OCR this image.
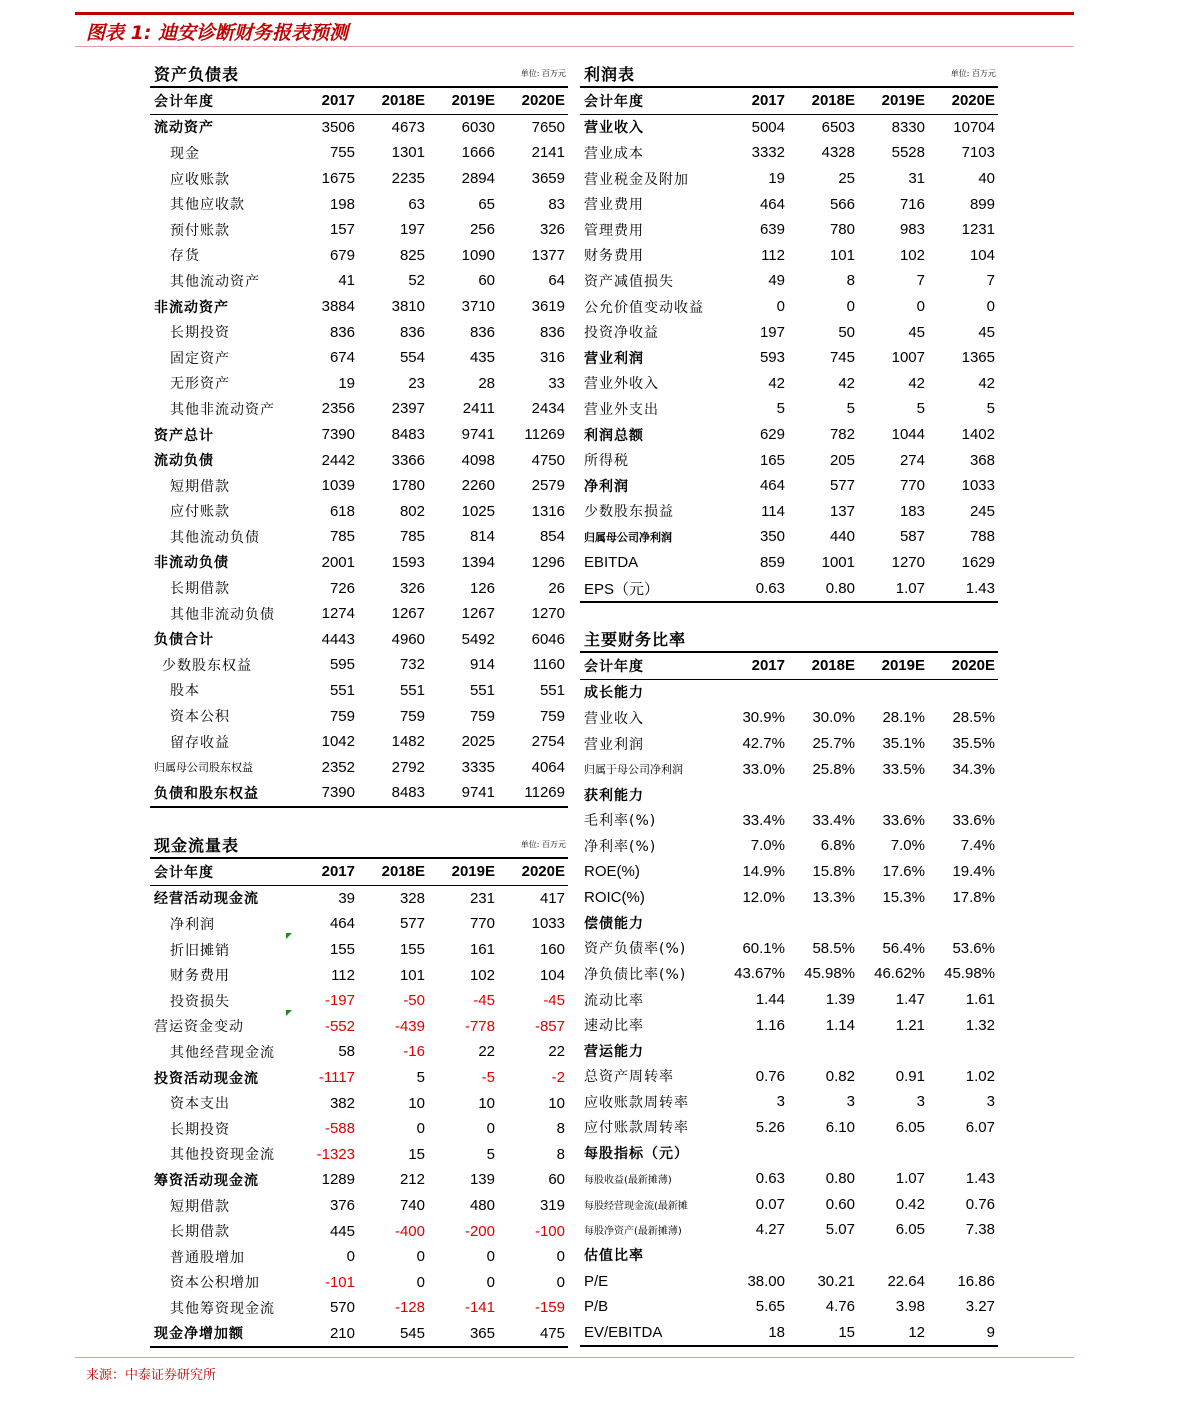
图表 1: 迪安诊断财务报表预测
资产负债表	单位: 百万元
会计年度	2017	2018E	2019E	2020E
流动资产	3506	4673	6030	7650
现金	755	1301	1666	2141
应收账款	1675	2235	2894	3659
其他应收款	198	63	65	83
预付账款	157	197	256	326
存货	679	825	1090	1377
其他流动资产	41	52	60	64
非流动资产	3884	3810	3710	3619
长期投资	836	836	836	836
固定资产	674	554	435	316
无形资产	19	23	28	33
其他非流动资产	2356	2397	2411	2434
资产总计	7390	8483	9741	11269
流动负债	2442	3366	4098	4750
短期借款	1039	1780	2260	2579
应付账款	618	802	1025	1316
其他流动负债	785	785	814	854
非流动负债	2001	1593	1394	1296
长期借款	726	326	126	26
其他非流动负债	1274	1267	1267	1270
负债合计	4443	4960	5492	6046
少数股东权益	595	732	914	1160
股本	551	551	551	551
资本公积	759	759	759	759
留存收益	1042	1482	2025	2754
归属母公司股东权益	2352	2792	3335	4064
负债和股东权益	7390	8483	9741	11269
利润表	单位: 百万元
会计年度	2017	2018E	2019E	2020E
营业收入	5004	6503	8330	10704
营业成本	3332	4328	5528	7103
营业税金及附加	19	25	31	40
营业费用	464	566	716	899
管理费用	639	780	983	1231
财务费用	112	101	102	104
资产减值损失	49	8	7	7
公允价值变动收益	0	0	0	0
投资净收益	197	50	45	45
营业利润	593	745	1007	1365
营业外收入	42	42	42	42
营业外支出	5	5	5	5
利润总额	629	782	1044	1402
所得税	165	205	274	368
净利润	464	577	770	1033
少数股东损益	114	137	183	245
归属母公司净利润	350	440	587	788
EBITDA	859	1001	1270	1629
EPS（元）	0.63	0.80	1.07	1.43
现金流量表	单位: 百万元
会计年度	2017	2018E	2019E	2020E
经营活动现金流	39	328	231	417
净利润	464	577	770	1033
折旧摊销	155	155	161	160
财务费用	112	101	102	104
投资损失	-197	-50	-45	-45
营运资金变动	-552	-439	-778	-857
其他经营现金流	58	-16	22	22
投资活动现金流	-1117	5	-5	-2
资本支出	382	10	10	10
长期投资	-588	0	0	8
其他投资现金流	-1323	15	5	8
筹资活动现金流	1289	212	139	60
短期借款	376	740	480	319
长期借款	445	-400	-200	-100
普通股增加	0	0	0	0
资本公积增加	-101	0	0	0
其他筹资现金流	570	-128	-141	-159
现金净增加额	210	545	365	475
主要财务比率
会计年度	2017	2018E	2019E	2020E
成长能力				
营业收入	30.9%	30.0%	28.1%	28.5%
营业利润	42.7%	25.7%	35.1%	35.5%
归属于母公司净利润	33.0%	25.8%	33.5%	34.3%
获利能力				
毛利率(%)	33.4%	33.4%	33.6%	33.6%
净利率(%)	7.0%	6.8%	7.0%	7.4%
ROE(%)	14.9%	15.8%	17.6%	19.4%
ROIC(%)	12.0%	13.3%	15.3%	17.8%
偿债能力				
资产负债率(%)	60.1%	58.5%	56.4%	53.6%
净负债比率(%)	43.67%	45.98%	46.62%	45.98%
流动比率	1.44	1.39	1.47	1.61
速动比率	1.16	1.14	1.21	1.32
营运能力				
总资产周转率	0.76	0.82	0.91	1.02
应收账款周转率	3	3	3	3
应付账款周转率	5.26	6.10	6.05	6.07
每股指标（元）				
每股收益(最新摊薄)	0.63	0.80	1.07	1.43
每股经营现金流(最新摊	0.07	0.60	0.42	0.76
每股净资产(最新摊薄)	4.27	5.07	6.05	7.38
估值比率				
P/E	38.00	30.21	22.64	16.86
P/B	5.65	4.76	3.98	3.27
EV/EBITDA	18	15	12	9
来源：中泰证券研究所
